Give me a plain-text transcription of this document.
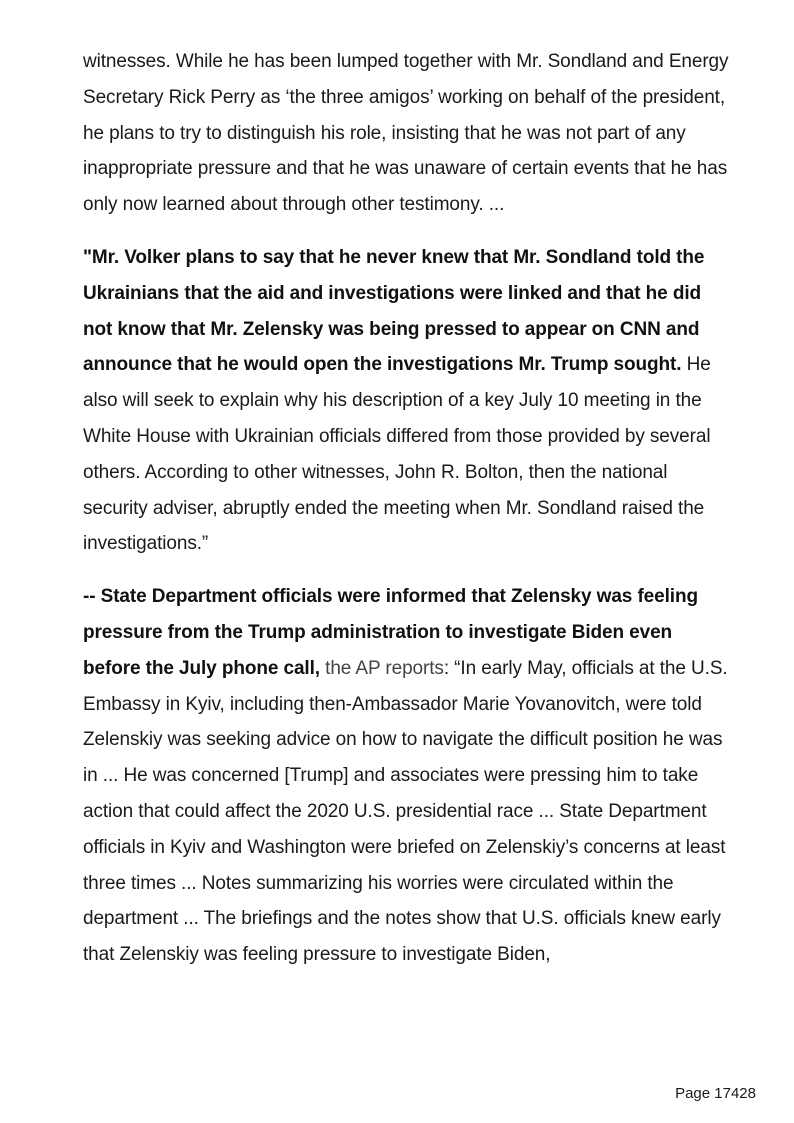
witnesses. While he has been lumped together with Mr. Sondland and Energy Secretary Rick Perry as ‘the three amigos’ working on behalf of the president, he plans to try to distinguish his role, insisting that he was not part of any inappropriate pressure and that he was unaware of certain events that he has only now learned about through other testimony. ...

"Mr. Volker plans to say that he never knew that Mr. Sondland told the Ukrainians that the aid and investigations were linked and that he did not know that Mr. Zelensky was being pressed to appear on CNN and announce that he would open the investigations Mr. Trump sought. He also will seek to explain why his description of a key July 10 meeting in the White House with Ukrainian officials differed from those provided by several others. According to other witnesses, John R. Bolton, then the national security adviser, abruptly ended the meeting when Mr. Sondland raised the investigations.”

-- State Department officials were informed that Zelensky was feeling pressure from the Trump administration to investigate Biden even before the July phone call, the AP reports: “In early May, officials at the U.S. Embassy in Kyiv, including then-Ambassador Marie Yovanovitch, were told Zelenskiy was seeking advice on how to navigate the difficult position he was in ... He was concerned [Trump] and associates were pressing him to take action that could affect the 2020 U.S. presidential race ... State Department officials in Kyiv and Washington were briefed on Zelenskiy’s concerns at least three times ... Notes summarizing his worries were circulated within the department ... The briefings and the notes show that U.S. officials knew early that Zelenskiy was feeling pressure to investigate Biden,

Page 17428
